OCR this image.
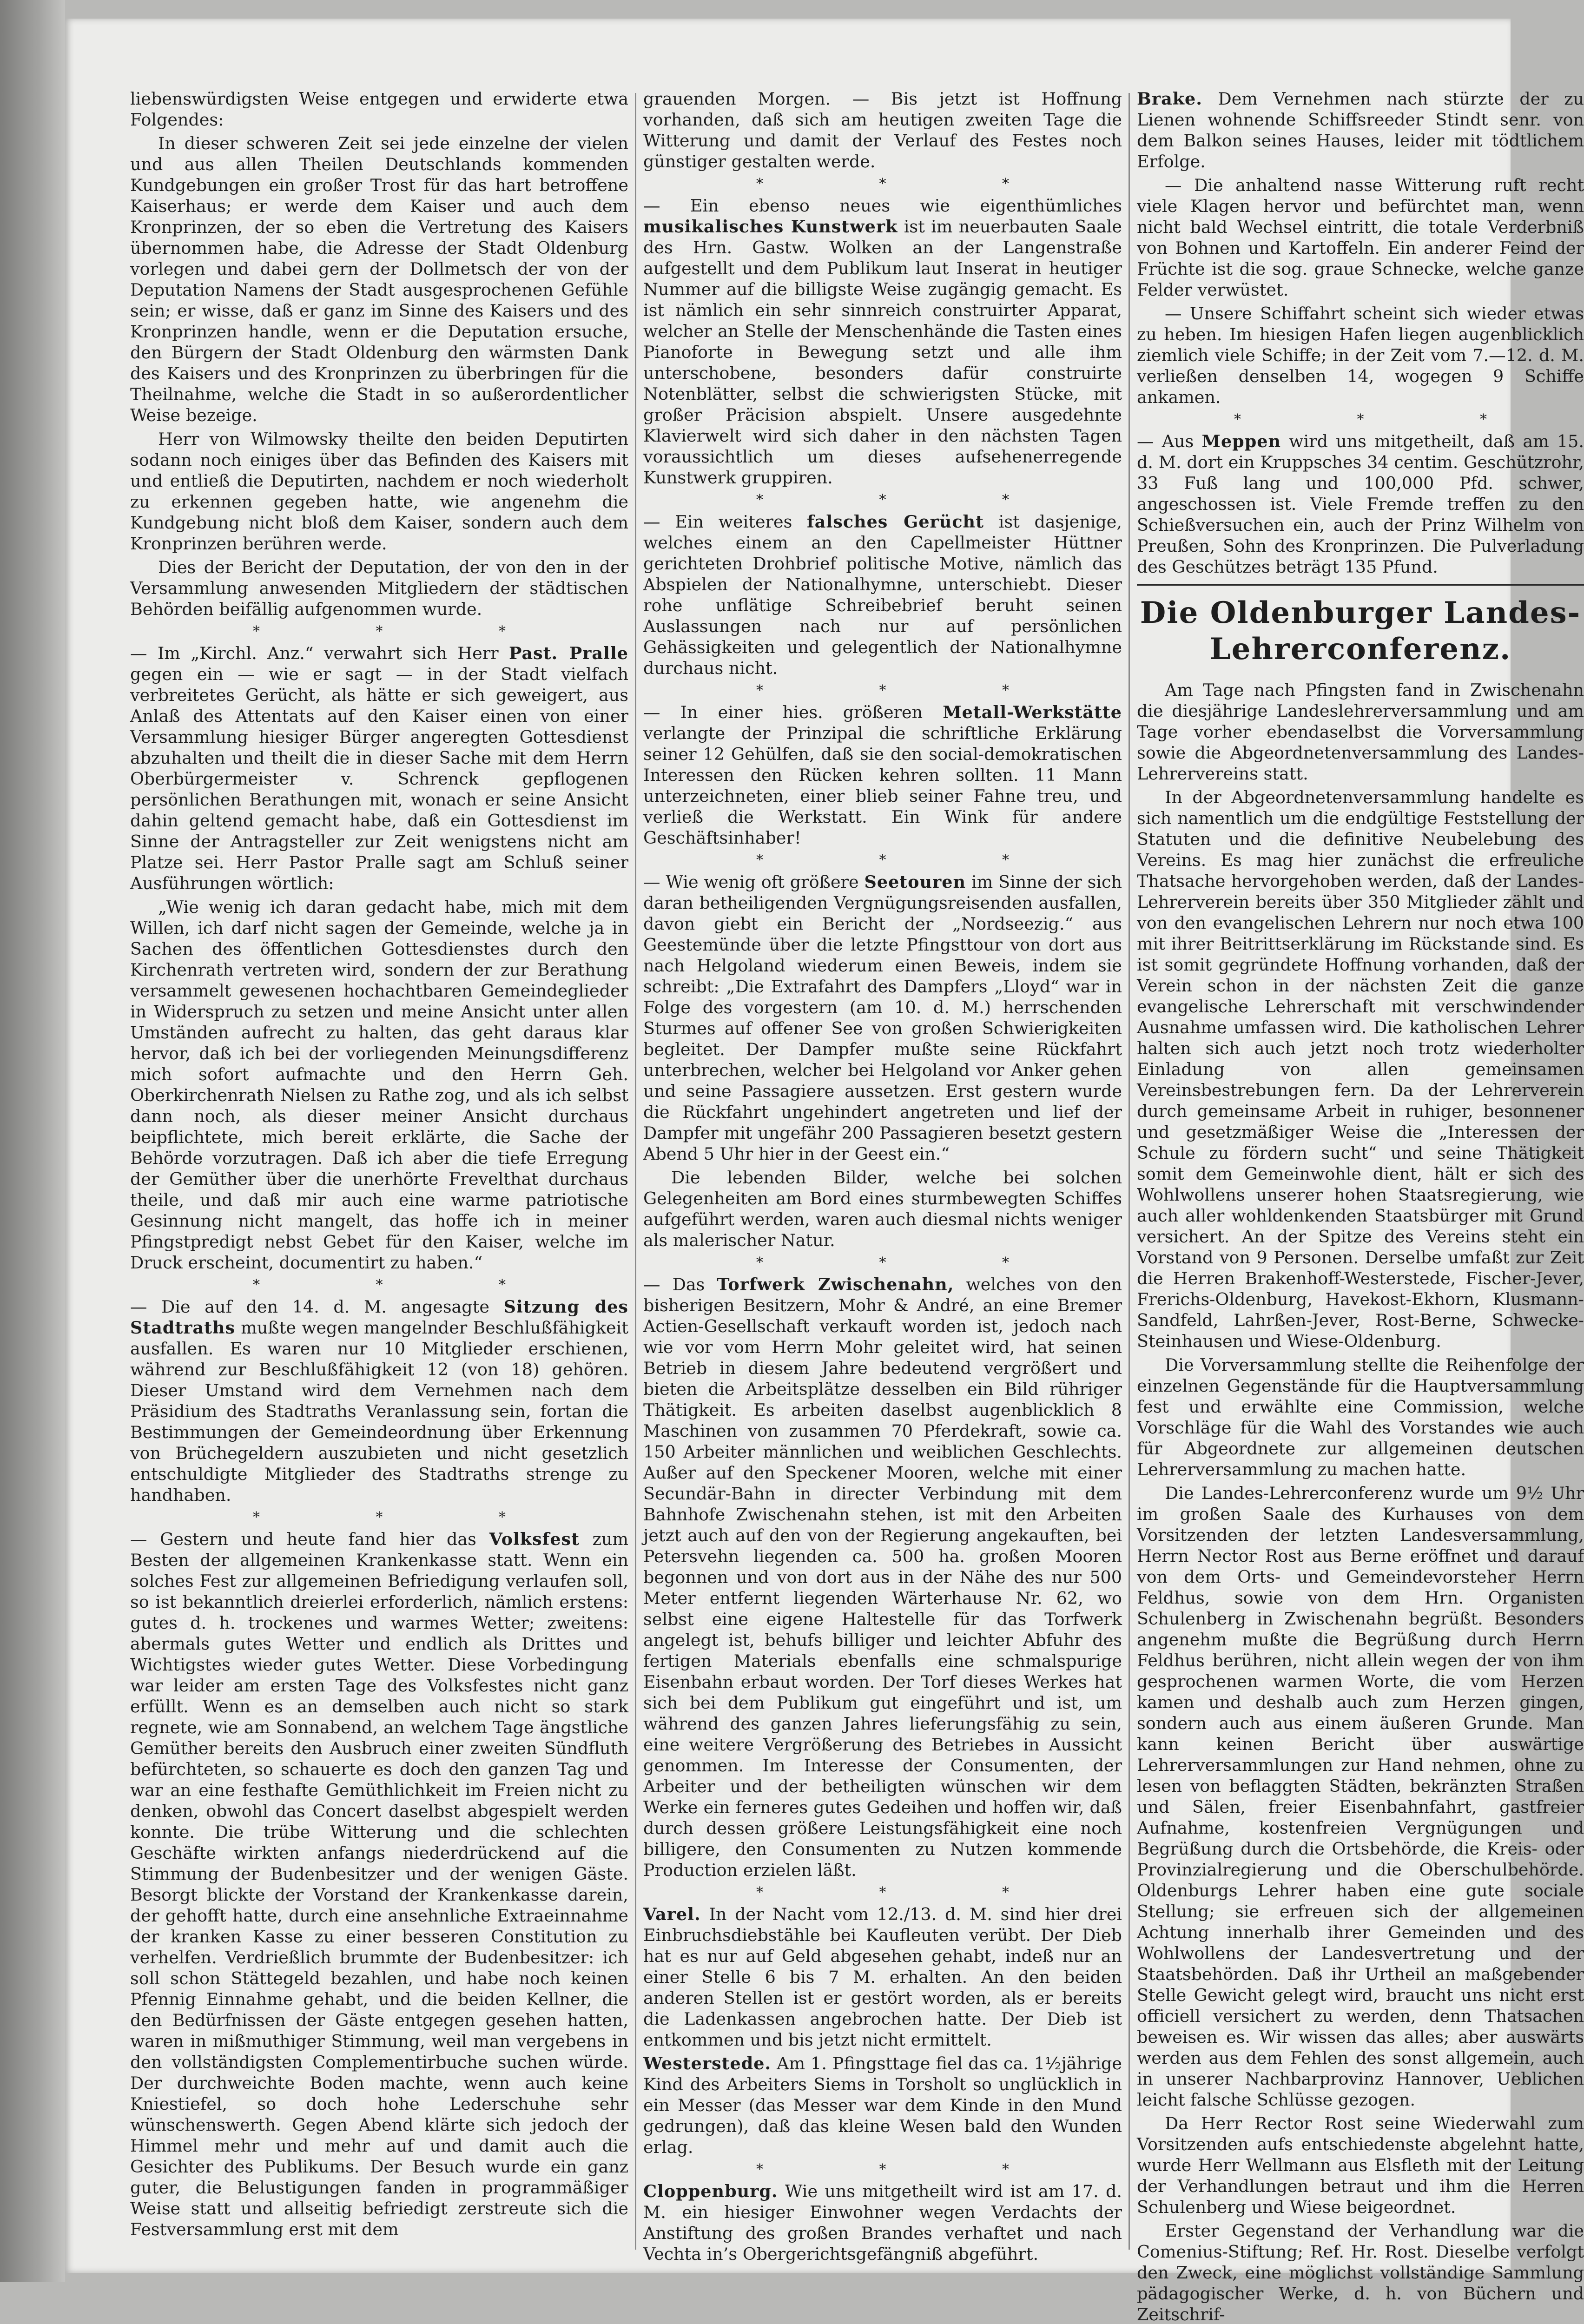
liebenswürdigsten Weise entgegen und erwiderte etwa Folgendes:

In dieser schweren Zeit sei jede einzelne der vielen und aus allen Theilen Deutschlands kommenden Kundgebungen ein großer Trost für das hart betroffene Kaiserhaus; er werde dem Kaiser und auch dem Kronprinzen, der so eben die Vertretung des Kaisers übernommen habe, die Adresse der Stadt Oldenburg vorlegen und dabei gern der Dollmetsch der von der Deputation Namens der Stadt ausgesprochenen Gefühle sein; er wisse, daß er ganz im Sinne des Kaisers und des Kronprinzen handle, wenn er die Deputation ersuche, den Bürgern der Stadt Oldenburg den wärmsten Dank des Kaisers und des Kronprinzen zu überbringen für die Theilnahme, welche die Stadt in so außerordentlicher Weise bezeige.

Herr von Wilmowsky theilte den beiden Deputirten sodann noch einiges über das Befinden des Kaisers mit und entließ die Deputirten, nachdem er noch wiederholt zu erkennen gegeben hatte, wie angenehm die Kundgebung nicht bloß dem Kaiser, sondern auch dem Kronprinzen berühren werde.

Dies der Bericht der Deputation, der von den in der Versammlung anwesenden Mitgliedern der städtischen Behörden beifällig aufgenommen wurde.

* * *

— Im „Kirchl. Anz.“ verwahrt sich Herr Past. Pralle gegen ein — wie er sagt — in der Stadt vielfach verbreitetes Gerücht, als hätte er sich geweigert, aus Anlaß des Attentats auf den Kaiser einen von einer Versammlung hiesiger Bürger angeregten Gottesdienst abzuhalten und theilt die in dieser Sache mit dem Herrn Oberbürgermeister v. Schrenck gepflogenen persönlichen Berathungen mit, wonach er seine Ansicht dahin geltend gemacht habe, daß ein Gottesdienst im Sinne der Antragsteller zur Zeit wenigstens nicht am Platze sei. Herr Pastor Pralle sagt am Schluß seiner Ausführungen wörtlich:

„Wie wenig ich daran gedacht habe, mich mit dem Willen, ich darf nicht sagen der Gemeinde, welche ja in Sachen des öffentlichen Gottesdienstes durch den Kirchenrath vertreten wird, sondern der zur Berathung versammelt gewesenen hochachtbaren Gemeindeglieder in Widerspruch zu setzen und meine Ansicht unter allen Umständen aufrecht zu halten, das geht daraus klar hervor, daß ich bei der vorliegenden Meinungsdifferenz mich sofort aufmachte und den Herrn Geh. Oberkirchenrath Nielsen zu Rathe zog, und als ich selbst dann noch, als dieser meiner Ansicht durchaus beipflichtete, mich bereit erklärte, die Sache der Behörde vorzutragen. Daß ich aber die tiefe Erregung der Gemüther über die unerhörte Frevelthat durchaus theile, und daß mir auch eine warme patriotische Gesinnung nicht mangelt, das hoffe ich in meiner Pfingstpredigt nebst Gebet für den Kaiser, welche im Druck erscheint, documentirt zu haben.“

* * *

— Die auf den 14. d. M. angesagte Sitzung des Stadtraths mußte wegen mangelnder Beschlußfähigkeit ausfallen. Es waren nur 10 Mitglieder erschienen, während zur Beschlußfähigkeit 12 (von 18) gehören. Dieser Umstand wird dem Vernehmen nach dem Präsidium des Stadtraths Veranlassung sein, fortan die Bestimmungen der Gemeindeordnung über Erkennung von Brüchegeldern auszubieten und nicht gesetzlich entschuldigte Mitglieder des Stadtraths strenge zu handhaben.

* * *

— Gestern und heute fand hier das Volksfest zum Besten der allgemeinen Krankenkasse statt. Wenn ein solches Fest zur allgemeinen Befriedigung verlaufen soll, so ist bekanntlich dreierlei erforderlich, nämlich erstens: gutes d. h. trockenes und warmes Wetter; zweitens: abermals gutes Wetter und endlich als Drittes und Wichtigstes wieder gutes Wetter. Diese Vorbedingung war leider am ersten Tage des Volksfestes nicht ganz erfüllt. Wenn es an demselben auch nicht so stark regnete, wie am Sonnabend, an welchem Tage ängstliche Gemüther bereits den Ausbruch einer zweiten Sündfluth befürchteten, so schauerte es doch den ganzen Tag und war an eine festhafte Gemüthlichkeit im Freien nicht zu denken, obwohl das Concert daselbst abgespielt werden konnte. Die trübe Witterung und die schlechten Geschäfte wirkten anfangs niederdrückend auf die Stimmung der Budenbesitzer und der wenigen Gäste. Besorgt blickte der Vorstand der Krankenkasse darein, der gehofft hatte, durch eine ansehnliche Extraeinnahme der kranken Kasse zu einer besseren Constitution zu verhelfen. Verdrießlich brummte der Budenbesitzer: ich soll schon Stättegeld bezahlen, und habe noch keinen Pfennig Einnahme gehabt, und die beiden Kellner, die den Bedürfnissen der Gäste entgegen gesehen hatten, waren in mißmuthiger Stimmung, weil man vergebens in den vollständigsten Complementirbuche suchen würde. Der durchweichte Boden machte, wenn auch keine Kniestiefel, so doch hohe Lederschuhe sehr wünschenswerth. Gegen Abend klärte sich jedoch der Himmel mehr und mehr auf und damit auch die Gesichter des Publikums. Der Besuch wurde ein ganz guter, die Belustigungen fanden in programmäßiger Weise statt und allseitig befriedigt zerstreute sich die Festversammlung erst mit dem

grauenden Morgen. — Bis jetzt ist Hoffnung vorhanden, daß sich am heutigen zweiten Tage die Witterung und damit der Verlauf des Festes noch günstiger gestalten werde.

* * *

— Ein ebenso neues wie eigenthümliches musikalisches Kunstwerk ist im neuerbauten Saale des Hrn. Gastw. Wolken an der Langenstraße aufgestellt und dem Publikum laut Inserat in heutiger Nummer auf die billigste Weise zugängig gemacht. Es ist nämlich ein sehr sinnreich construirter Apparat, welcher an Stelle der Menschenhände die Tasten eines Pianoforte in Bewegung setzt und alle ihm unterschobene, besonders dafür construirte Notenblätter, selbst die schwierigsten Stücke, mit großer Präcision abspielt. Unsere ausgedehnte Klavierwelt wird sich daher in den nächsten Tagen voraussichtlich um dieses aufsehenerregende Kunstwerk gruppiren.

* * *

— Ein weiteres falsches Gerücht ist dasjenige, welches einem an den Capellmeister Hüttner gerichteten Drohbrief politische Motive, nämlich das Abspielen der Nationalhymne, unterschiebt. Dieser rohe unflätige Schreibebrief beruht seinen Auslassungen nach nur auf persönlichen Gehässigkeiten und gelegentlich der Nationalhymne durchaus nicht.

* * *

— In einer hies. größeren Metall-Werkstätte verlangte der Prinzipal die schriftliche Erklärung seiner 12 Gehülfen, daß sie den social-demokratischen Interessen den Rücken kehren sollten. 11 Mann unterzeichneten, einer blieb seiner Fahne treu, und verließ die Werkstatt. Ein Wink für andere Geschäftsinhaber!

* * *

— Wie wenig oft größere Seetouren im Sinne der sich daran betheiligenden Vergnügungsreisenden ausfallen, davon giebt ein Bericht der „Nordseezig.“ aus Geestemünde über die letzte Pfingsttour von dort aus nach Helgoland wiederum einen Beweis, indem sie schreibt: „Die Extrafahrt des Dampfers „Lloyd“ war in Folge des vorgestern (am 10. d. M.) herrschenden Sturmes auf offener See von großen Schwierigkeiten begleitet. Der Dampfer mußte seine Rückfahrt unterbrechen, welcher bei Helgoland vor Anker gehen und seine Passagiere aussetzen. Erst gestern wurde die Rückfahrt ungehindert angetreten und lief der Dampfer mit ungefähr 200 Passagieren besetzt gestern Abend 5 Uhr hier in der Geest ein.“

Die lebenden Bilder, welche bei solchen Gelegenheiten am Bord eines sturmbewegten Schiffes aufgeführt werden, waren auch diesmal nichts weniger als malerischer Natur.

* * *

— Das Torfwerk Zwischenahn, welches von den bisherigen Besitzern, Mohr & André, an eine Bremer Actien-Gesellschaft verkauft worden ist, jedoch nach wie vor vom Herrn Mohr geleitet wird, hat seinen Betrieb in diesem Jahre bedeutend vergrößert und bieten die Arbeitsplätze desselben ein Bild rühriger Thätigkeit. Es arbeiten daselbst augenblicklich 8 Maschinen von zusammen 70 Pferdekraft, sowie ca. 150 Arbeiter männlichen und weiblichen Geschlechts. Außer auf den Speckener Mooren, welche mit einer Secundär-Bahn in directer Verbindung mit dem Bahnhofe Zwischenahn stehen, ist mit den Arbeiten jetzt auch auf den von der Regierung angekauften, bei Petersvehn liegenden ca. 500 ha. großen Mooren begonnen und von dort aus in der Nähe des nur 500 Meter entfernt liegenden Wärterhause Nr. 62, wo selbst eine eigene Haltestelle für das Torfwerk angelegt ist, behufs billiger und leichter Abfuhr des fertigen Materials ebenfalls eine schmalspurige Eisenbahn erbaut worden. Der Torf dieses Werkes hat sich bei dem Publikum gut eingeführt und ist, um während des ganzen Jahres lieferungsfähig zu sein, eine weitere Vergrößerung des Betriebes in Aussicht genommen. Im Interesse der Consumenten, der Arbeiter und der betheiligten wünschen wir dem Werke ein ferneres gutes Gedeihen und hoffen wir, daß durch dessen größere Leistungsfähigkeit eine noch billigere, den Consumenten zu Nutzen kommende Production erzielen läßt.

* * *

Varel. In der Nacht vom 12./13. d. M. sind hier drei Einbruchsdiebstähle bei Kaufleuten verübt. Der Dieb hat es nur auf Geld abgesehen gehabt, indeß nur an einer Stelle 6 bis 7 M. erhalten. An den beiden anderen Stellen ist er gestört worden, als er bereits die Ladenkassen angebrochen hatte. Der Dieb ist entkommen und bis jetzt nicht ermittelt.

Westerstede. Am 1. Pfingsttage fiel das ca. 1½jährige Kind des Arbeiters Siems in Torsholt so unglücklich in ein Messer (das Messer war dem Kinde in den Mund gedrungen), daß das kleine Wesen bald den Wunden erlag.

* * *

Cloppenburg. Wie uns mitgetheilt wird ist am 17. d. M. ein hiesiger Einwohner wegen Verdachts der Anstiftung des großen Brandes verhaftet und nach Vechta in’s Obergerichtsgefängniß abgeführt.

Brake. Dem Vernehmen nach stürzte der zu Lienen wohnende Schiffsreeder Stindt senr. von dem Balkon seines Hauses, leider mit tödtlichem Erfolge.

— Die anhaltend nasse Witterung ruft recht viele Klagen hervor und befürchtet man, wenn nicht bald Wechsel eintritt, die totale Verderbniß von Bohnen und Kartoffeln. Ein anderer Feind der Früchte ist die sog. graue Schnecke, welche ganze Felder verwüstet.

— Unsere Schiffahrt scheint sich wieder etwas zu heben. Im hiesigen Hafen liegen augenblicklich ziemlich viele Schiffe; in der Zeit vom 7.—12. d. M. verließen denselben 14, wogegen 9 Schiffe ankamen.

* * *

— Aus Meppen wird uns mitgetheilt, daß am 15. d. M. dort ein Kruppsches 34 centim. Geschützrohr, 33 Fuß lang und 100,000 Pfd. schwer, angeschossen ist. Viele Fremde treffen zu den Schießversuchen ein, auch der Prinz Wilhelm von Preußen, Sohn des Kronprinzen. Die Pulverladung des Geschützes beträgt 135 Pfund.

Die Oldenburger Landes-Lehrerconferenz.

Am Tage nach Pfingsten fand in Zwischenahn die diesjährige Landeslehrerversammlung und am Tage vorher ebendaselbst die Vorversammlung sowie die Abgeordnetenversammlung des Landes-Lehrervereins statt.

In der Abgeordnetenversammlung handelte es sich namentlich um die endgültige Feststellung der Statuten und die definitive Neubelebung des Vereins. Es mag hier zunächst die erfreuliche Thatsache hervorgehoben werden, daß der Landes-Lehrerverein bereits über 350 Mitglieder zählt und von den evangelischen Lehrern nur noch etwa 100 mit ihrer Beitrittserklärung im Rückstande sind. Es ist somit gegründete Hoffnung vorhanden, daß der Verein schon in der nächsten Zeit die ganze evangelische Lehrerschaft mit verschwindender Ausnahme umfassen wird. Die katholischen Lehrer halten sich auch jetzt noch trotz wiederholter Einladung von allen gemeinsamen Vereinsbestrebungen fern. Da der Lehrerverein durch gemeinsame Arbeit in ruhiger, besonnener und gesetzmäßiger Weise die „Interessen der Schule zu fördern sucht“ und seine Thätigkeit somit dem Gemeinwohle dient, hält er sich des Wohlwollens unserer hohen Staatsregierung, wie auch aller wohldenkenden Staatsbürger mit Grund versichert. An der Spitze des Vereins steht ein Vorstand von 9 Personen. Derselbe umfaßt zur Zeit die Herren Brakenhoff-Westerstede, Fischer-Jever, Frerichs-Oldenburg, Havekost-Ekhorn, Klusmann-Sandfeld, Lahrßen-Jever, Rost-Berne, Schwecke-Steinhausen und Wiese-Oldenburg.

Die Vorversammlung stellte die Reihenfolge der einzelnen Gegenstände für die Hauptversammlung fest und erwählte eine Commission, welche Vorschläge für die Wahl des Vorstandes wie auch für Abgeordnete zur allgemeinen deutschen Lehrerversammlung zu machen hatte.

Die Landes-Lehrerconferenz wurde um 9½ Uhr im großen Saale des Kurhauses von dem Vorsitzenden der letzten Landesversammlung, Herrn Nector Rost aus Berne eröffnet und darauf von dem Orts- und Gemeindevorsteher Herrn Feldhus, sowie von dem Hrn. Organisten Schulenberg in Zwischenahn begrüßt. Besonders angenehm mußte die Begrüßung durch Herrn Feldhus berühren, nicht allein wegen der von ihm gesprochenen warmen Worte, die vom Herzen kamen und deshalb auch zum Herzen gingen, sondern auch aus einem äußeren Grunde. Man kann keinen Bericht über auswärtige Lehrerversammlungen zur Hand nehmen, ohne zu lesen von beflaggten Städten, bekränzten Straßen und Sälen, freier Eisenbahnfahrt, gastfreier Aufnahme, kostenfreien Vergnügungen und Begrüßung durch die Ortsbehörde, die Kreis- oder Provinzialregierung und die Oberschulbehörde. Oldenburgs Lehrer haben eine gute sociale Stellung; sie erfreuen sich der allgemeinen Achtung innerhalb ihrer Gemeinden und des Wohlwollens der Landesvertretung und der Staatsbehörden. Daß ihr Urtheil an maßgebender Stelle Gewicht gelegt wird, braucht uns nicht erst officiell versichert zu werden, denn Thatsachen beweisen es. Wir wissen das alles; aber auswärts werden aus dem Fehlen des sonst allgemein, auch in unserer Nachbarprovinz Hannover, Ueblichen leicht falsche Schlüsse gezogen.

Da Herr Rector Rost seine Wiederwahl zum Vorsitzenden aufs entschiedenste abgelehnt hatte, wurde Herr Wellmann aus Elsfleth mit der Leitung der Verhandlungen betraut und ihm die Herren Schulenberg und Wiese beigeordnet.

Erster Gegenstand der Verhandlung war die Comenius-Stiftung; Ref. Hr. Rost. Dieselbe verfolgt den Zweck, eine möglichst vollständige Sammlung pädagogischer Werke, d. h. von Büchern und Zeitschrif-
